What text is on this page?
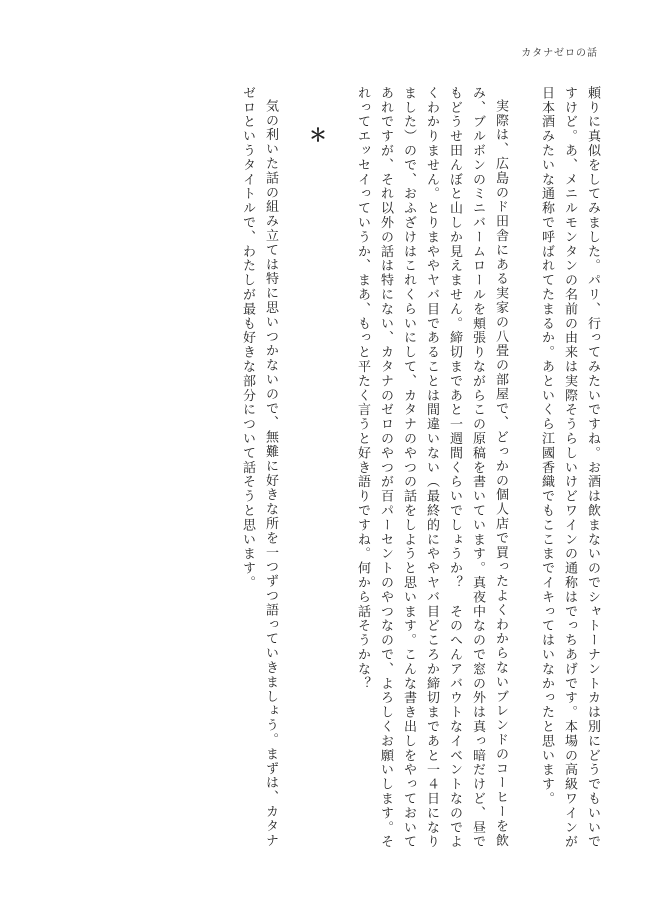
カタナゼロの話

頼りに真似をしてみました。パリ、行ってみたいですね。お酒は飲まないのでシャトーナントカは別にどうでもいいですけど。あ、メニルモンタンの名前の由来は実際そうらしいけどワインの通称はでっちあげです。本場の高級ワインが日本酒みたいな通称で呼ばれてたまるか。あといくら江國香織でもここまでイキってはいなかったと思います。

実際は、広島のド田舎にある実家の八畳の部屋で、どっかの個人店で買ったよくわからないブレンドのコーヒーを飲み、ブルボンのミニバームロールを頬張りながらこの原稿を書いています。真夜中なので窓の外は真っ暗だけど、昼でもどうせ田んぼと山しか見えません。締切まであと一週間くらいでしょうか？　そのへんアバウトなイベントなのでよくわかりません。とりまややヤバ目であることは間違いない（最終的にややヤバ目どころか締切まであと一４日になりました）ので、おふざけはこれくらいにして、カタナのやつの話をしようと思います。こんな書き出しをやっておいてあれですが、それ以外の話は特にない、カタナのゼロのやつが百パーセントのやつなので、よろしくお願いします。それってエッセイっていうか、まあ、もっと平たく言うと好き語りですね。何から話そうかな？

＊

気の利いた話の組み立ては特に思いつかないので、無難に好きな所を一つずつ語っていきましょう。まずは、カタナゼロというタイトルで、わたしが最も好きな部分について話そうと思います。
